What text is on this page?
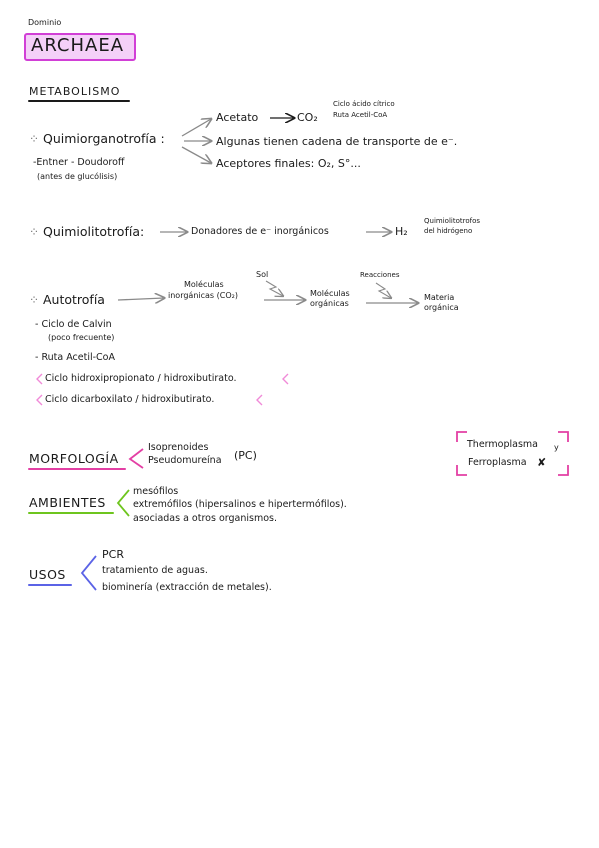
Dominio
ARCHAEA
METABOLISMO
⁘ Quimiorganotrofía :
-Entner - Doudoroff
(antes de glucólisis)
Acetato	CO₂
Ciclo ácido cítrico
Ruta Acetil-CoA
Algunas tienen cadena de transporte de e⁻.
Aceptores finales: O₂, S°...
⁘ Quimiolitotrofía:	Donadores de e⁻ inorgánicos	H₂
Quimiolitotrofos
del hidrógeno
⁘ Autotrofía
Moléculas
inorgánicas (CO₂)
Sol
Moléculas
orgánicas
Reacciones
Materia
orgánica
- Ciclo de Calvin
(poco frecuente)
- Ruta Acetil-CoA
Ciclo hidroxipropionato / hidroxibutirato.
Ciclo dicarboxilato / hidroxibutirato.
MORFOLOGÍA
Isoprenoides
Pseudomureína (PC)
Thermoplasma y
Ferroplasma ✘
AMBIENTES
mesófilos
extremófilos (hipersalinos e hipertermófilos).
asociadas a otros organismos.
USOS
PCR
tratamiento de aguas.
biominería (extracción de metales).
